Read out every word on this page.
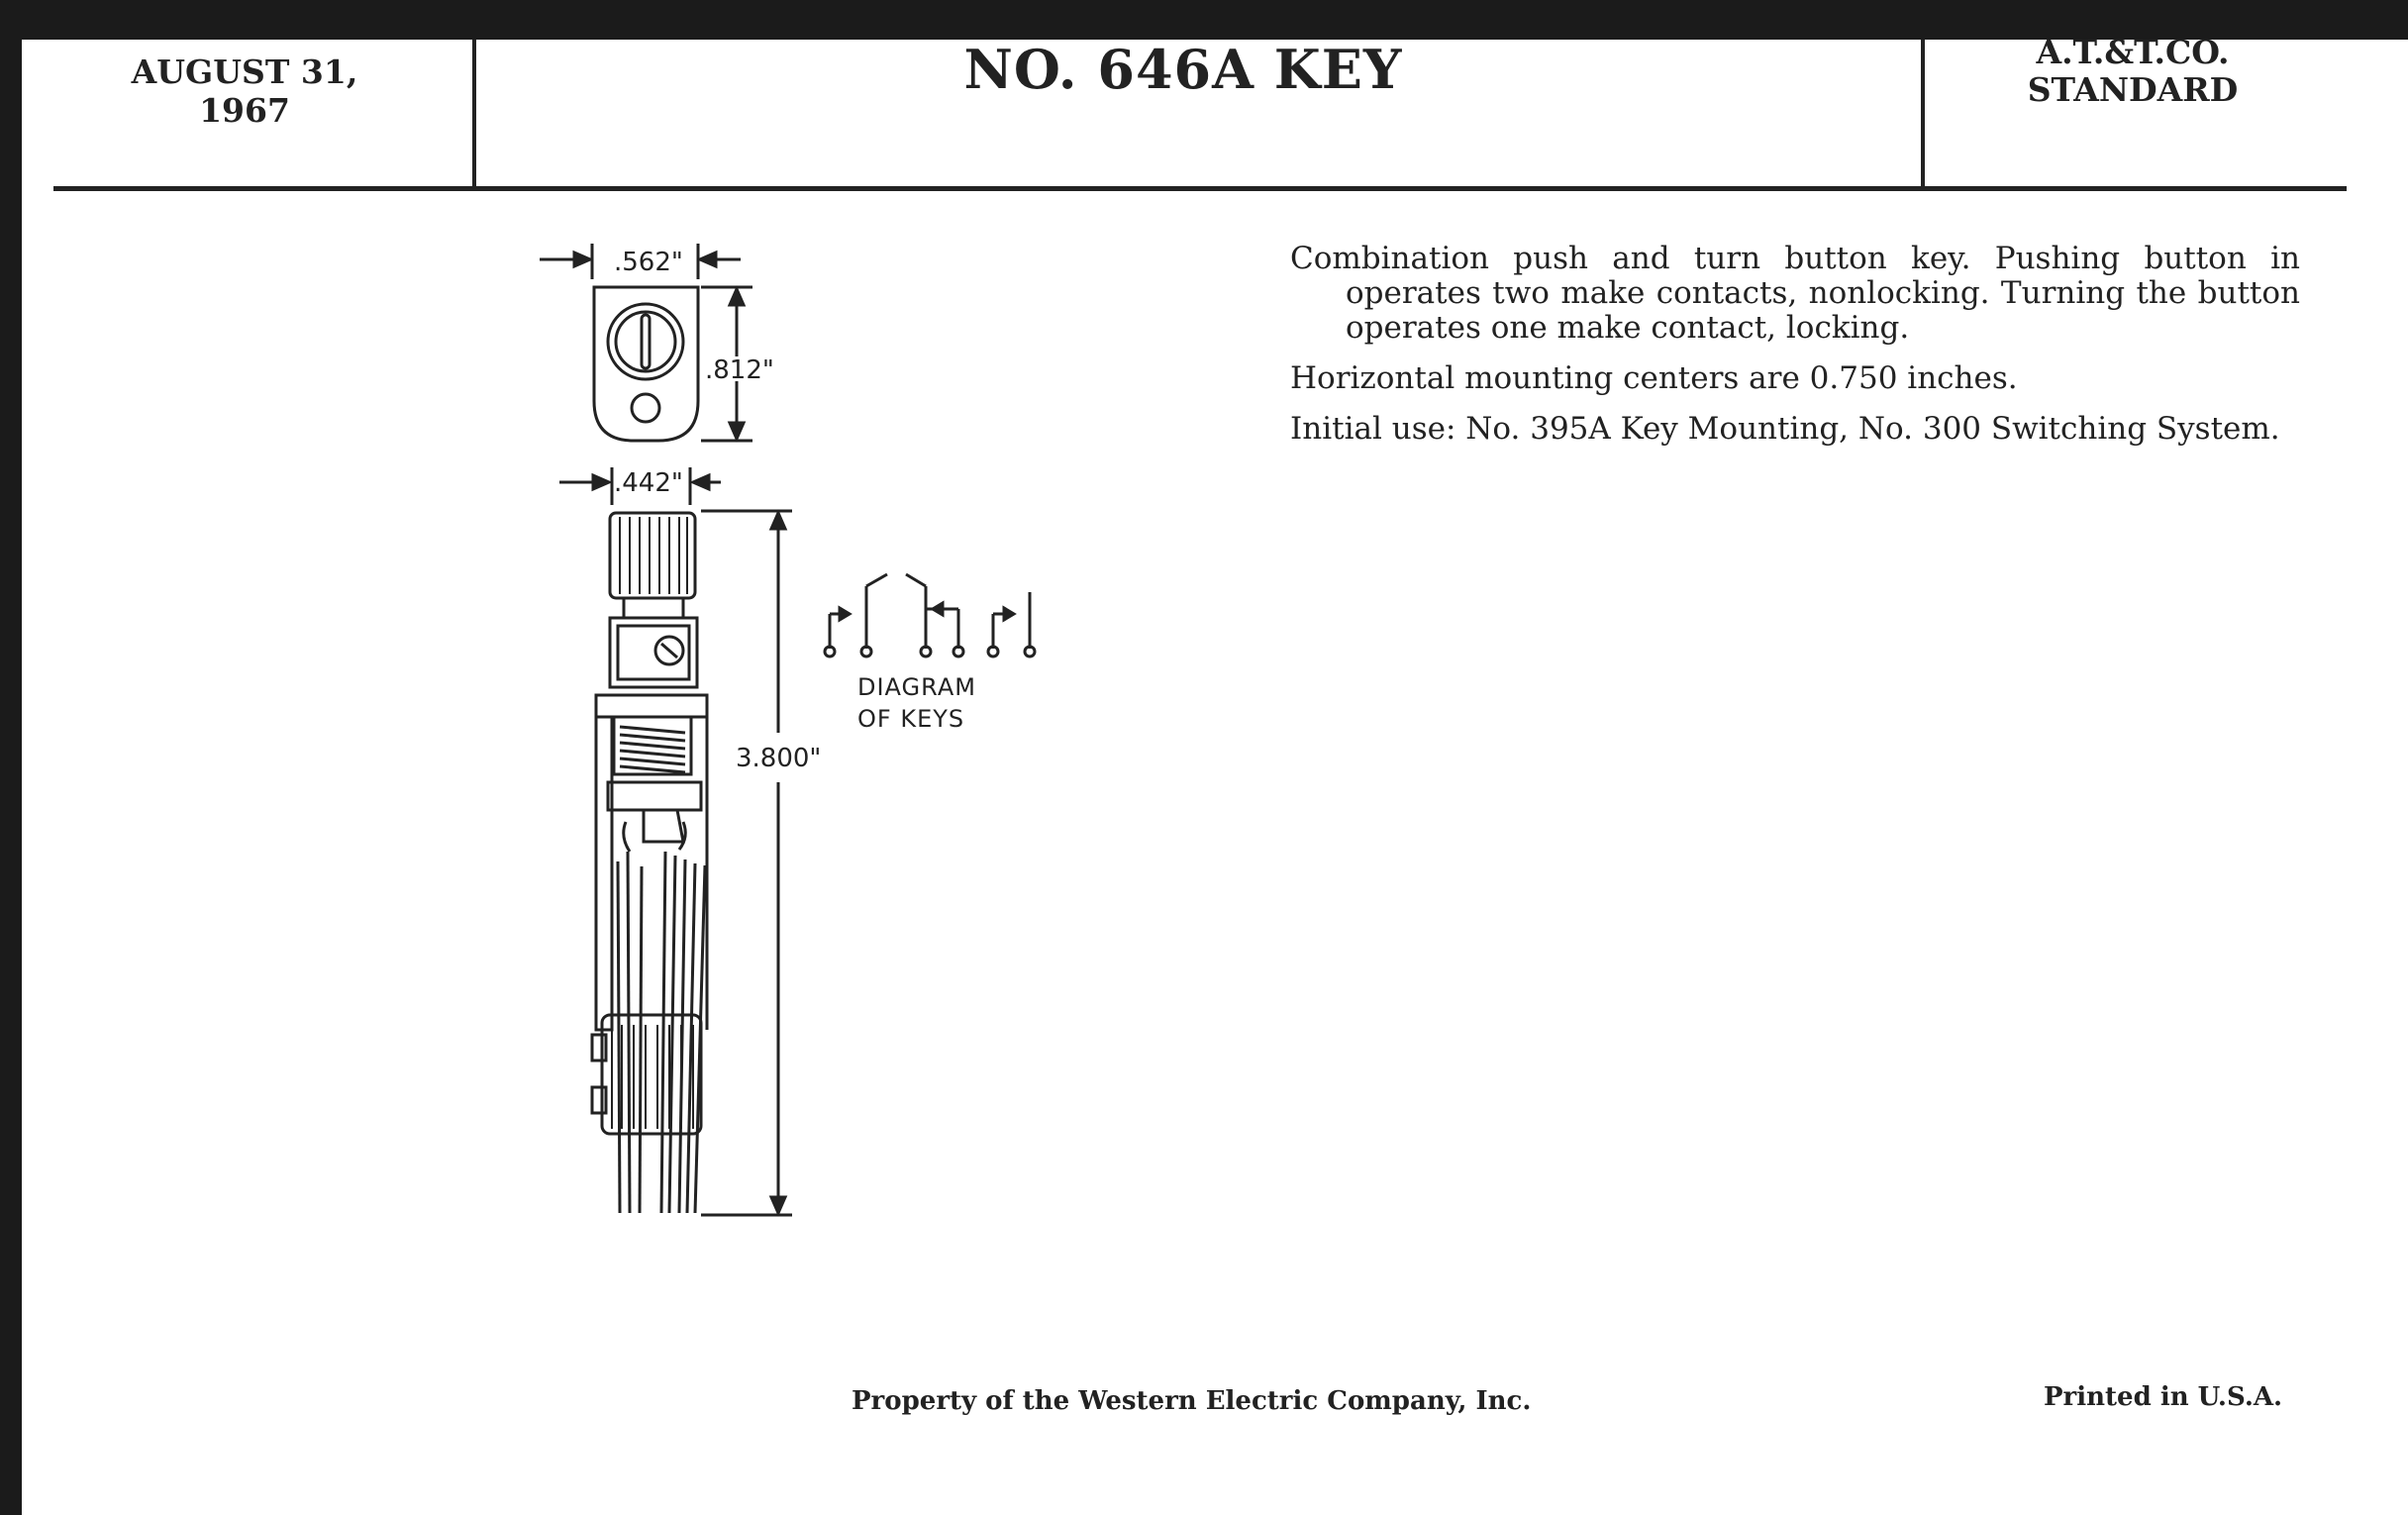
AUGUST 31, 1967
NO. 646A KEY	A.T.&T.CO.
STANDARD
.562"
.812"
.442"
3.800"
DIAGRAM
OF KEYS

Combination push and turn button key. Pushing button in operates two make contacts, nonlocking. Turning the button operates one make contact, locking.

Horizontal mounting centers are 0.750 inches.

Initial use: No. 395A Key Mounting, No. 300 Switching System.

Property of the Western Electric Company, Inc.	Printed in U.S.A.
